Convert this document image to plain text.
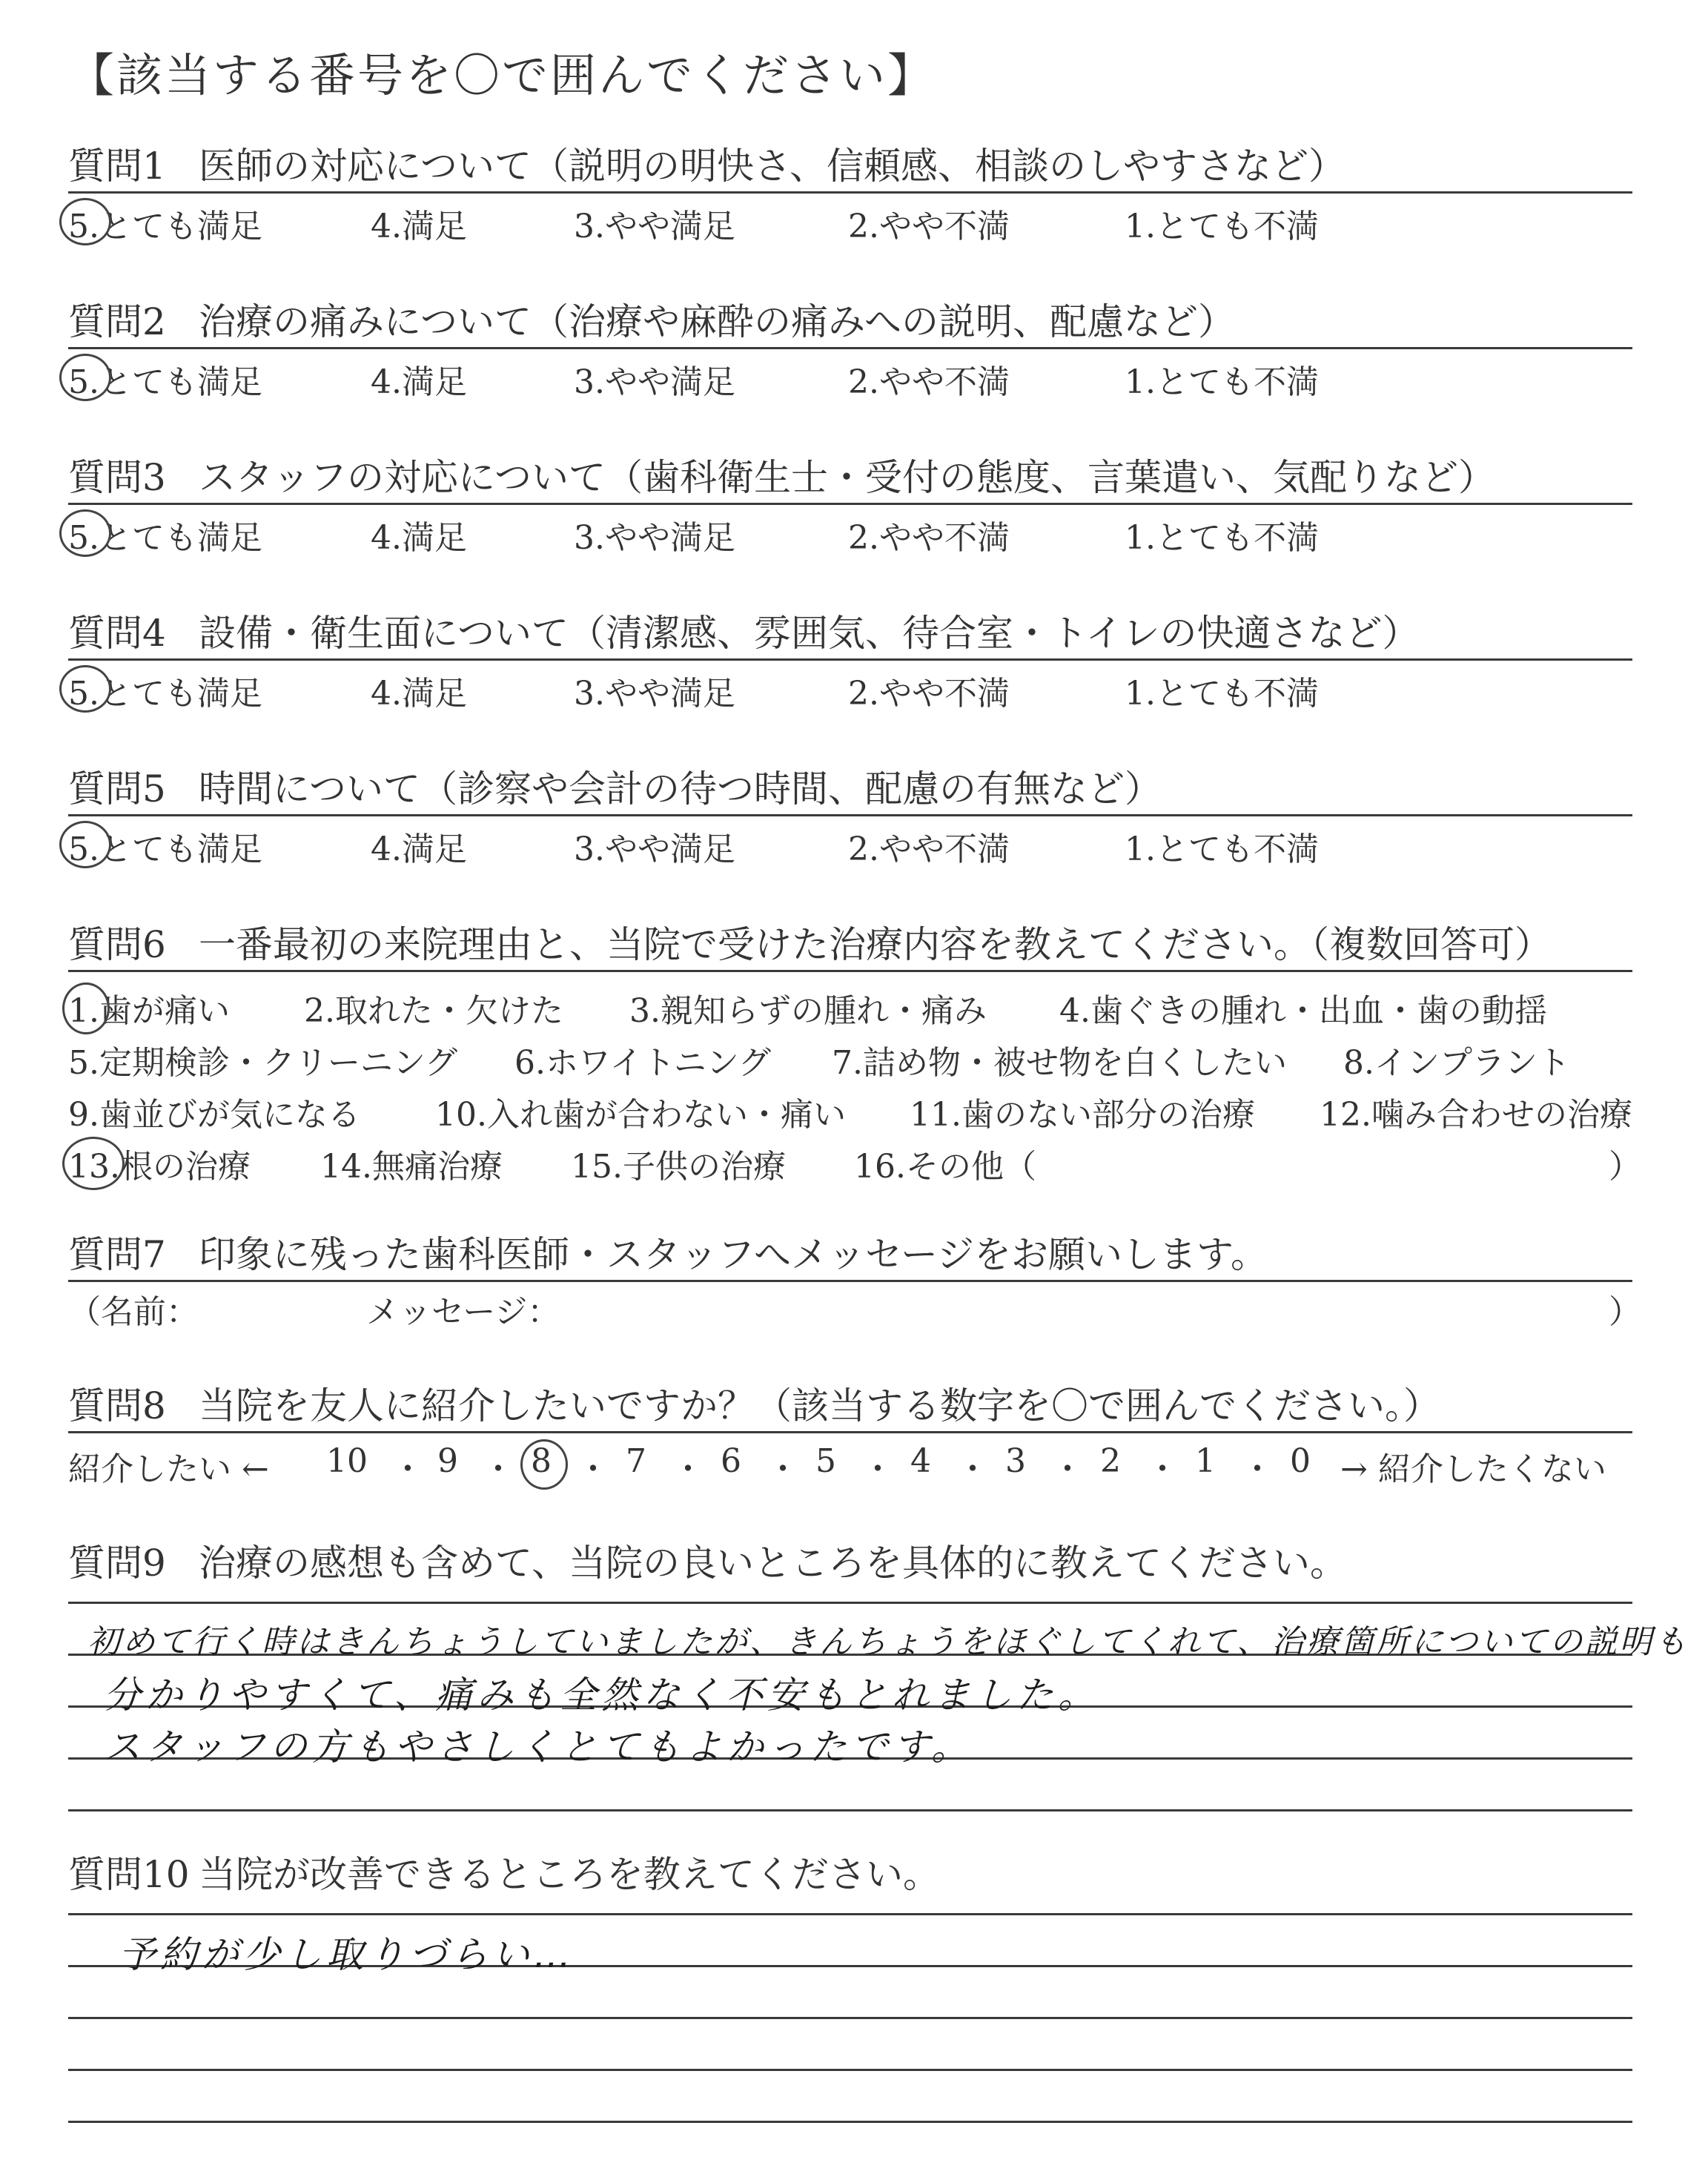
【該当する番号を〇で囲んでください】
質問1 医師の対応について（説明の明快さ、信頼感、相談のしやすさなど）
5.とても満足	4.満足	3.やや満足	2.やや不満	1.とても不満
質問2 治療の痛みについて（治療や麻酔の痛みへの説明、配慮など）
5.とても満足	4.満足	3.やや満足	2.やや不満	1.とても不満
質問3 スタッフの対応について（歯科衛生士・受付の態度、言葉遣い、気配りなど）
5.とても満足	4.満足	3.やや満足	2.やや不満	1.とても不満
質問4 設備・衛生面について（清潔感、雰囲気、待合室・トイレの快適さなど）
5.とても満足	4.満足	3.やや満足	2.やや不満	1.とても不満
質問5 時間について（診察や会計の待つ時間、配慮の有無など）
5.とても満足	4.満足	3.やや満足	2.やや不満	1.とても不満
質問6 一番最初の来院理由と、当院で受けた治療内容を教えてください。（複数回答可）
1.歯が痛い 2.取れた・欠けた 3.親知らずの腫れ・痛み 4.歯ぐきの腫れ・出血・歯の動揺
5.定期検診・クリーニング 6.ホワイトニング 7.詰め物・被せ物を白くしたい 8.インプラント
9.歯並びが気になる 10.入れ歯が合わない・痛い 11.歯のない部分の治療 12.噛み合わせの治療
13.根の治療 14.無痛治療 15.子供の治療 16.その他（	）
質問7 印象に残った歯科医師・スタッフへメッセージをお願いします。
（名前：	メッセージ：	）
質問8 当院を友人に紹介したいですか？（該当する数字を〇で囲んでください。）
紹介したい ← 10 ・ 9 ・ 8 ・ 7 ・ 6 ・ 5 ・ 4 ・ 3 ・ 2 ・ 1 ・ 0 → 紹介したくない
質問9 治療の感想も含めて、当院の良いところを具体的に教えてください。
初めて行く時はきんちょうしていましたが、きんちょうをほぐしてくれて、治療箇所についての説明も
分かりやすくて、痛みも全然なく不安もとれました。
スタッフの方もやさしくとてもよかったです。
質問10 当院が改善できるところを教えてください。
予約が少し取りづらい…
